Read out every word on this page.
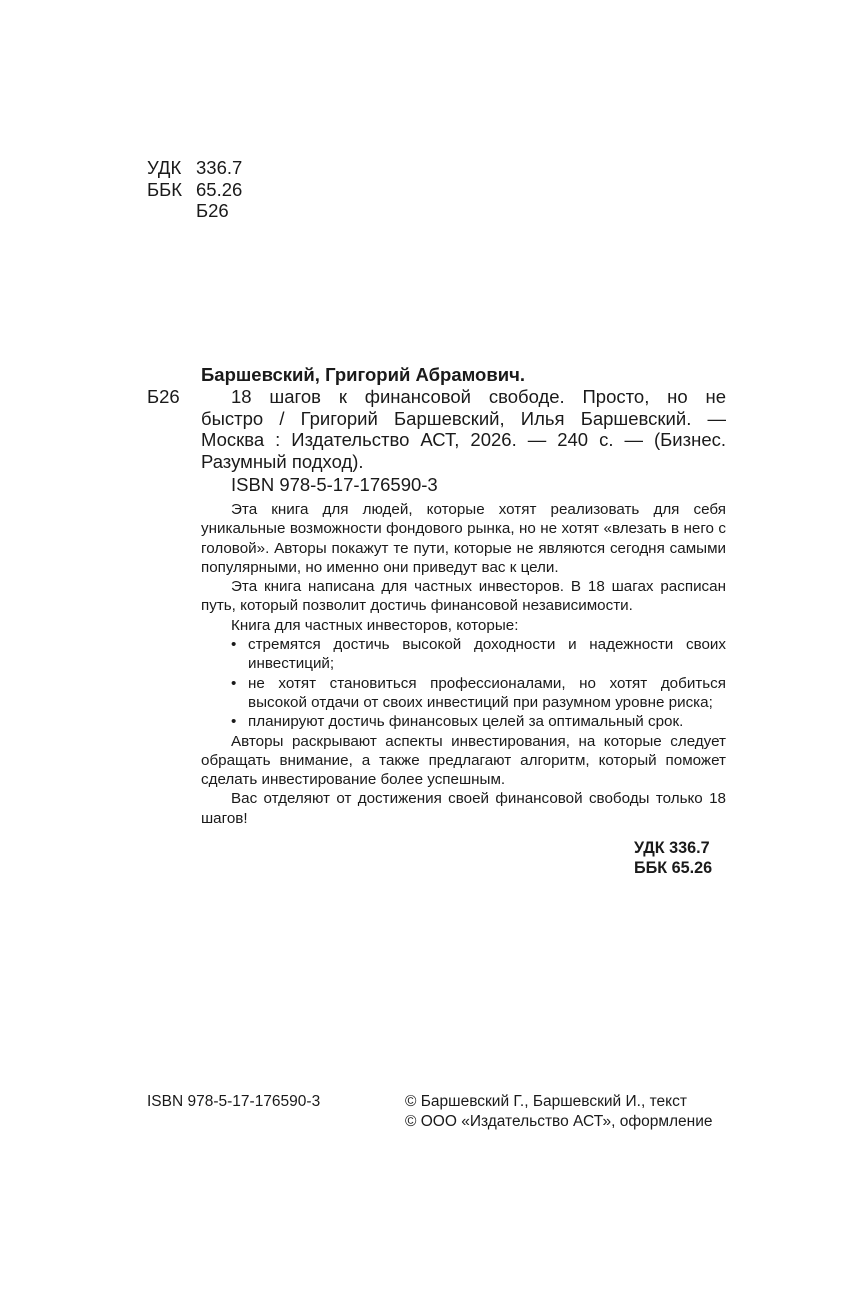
УДК 336.7
ББК 65.26
Б26
Баршевский, Григорий Абрамович.
Б26	18 шагов к финансовой свободе. Просто, но не
быстро / Григорий Баршевский, Илья Баршевский. —
Москва : Издательство АСТ, 2026. — 240 с. — (Бизнес.
Разумный подход).
ISBN 978-5-17-176590-3

Эта книга для людей, которые хотят реализовать для себя уникальные возможности фондового рынка, но не хотят «влезать в него с головой». Авторы покажут те пути, которые не являются сегодня самыми популярными, но именно они приведут вас к цели.

Эта книга написана для частных инвесторов. В 18 шагах расписан путь, который позволит достичь финансовой независимости.

Книга для частных инвесторов, которые:

• стремятся достичь высокой доходности и надежности своих инвестиций;
• не хотят становиться профессионалами, но хотят добиться высокой отдачи от своих инвестиций при разумном уровне риска;
• планируют достичь финансовых целей за оптимальный срок.

Авторы раскрывают аспекты инвестирования, на которые следует обращать внимание, а также предлагают алгоритм, который поможет сделать инвестирование более успешным.

Вас отделяют от достижения своей финансовой свободы только 18 шагов!

УДК 336.7
ББК 65.26
ISBN 978-5-17-176590-3	© Баршевский Г., Баршевский И., текст
© ООО «Издательство АСТ», оформление
